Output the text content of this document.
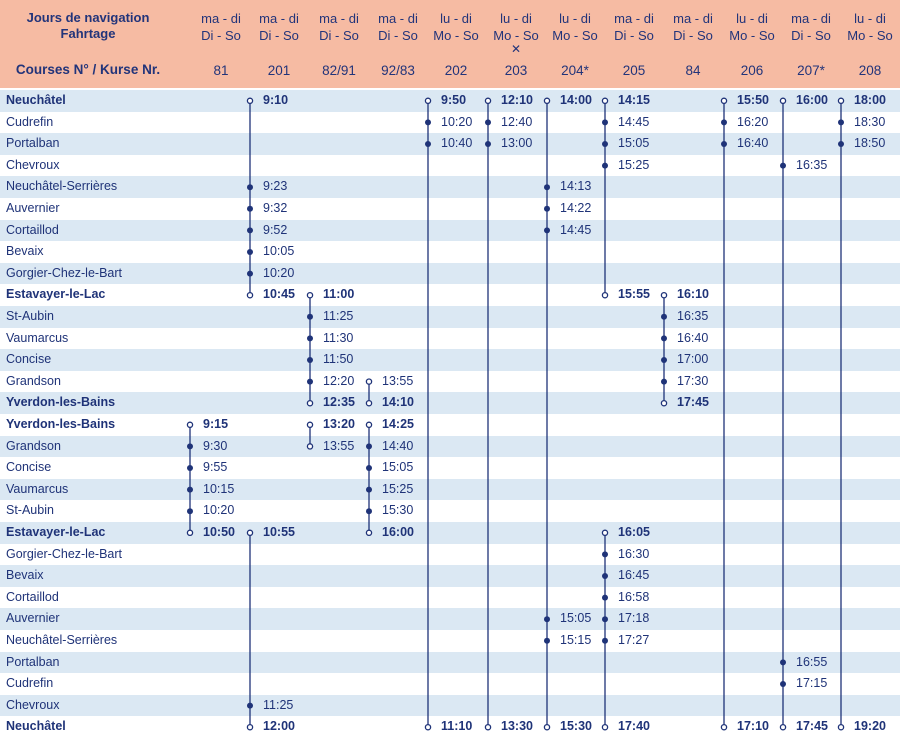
Jours de navigation Fahrtage
Courses N° / Kurse Nr.
ma - di
Di - So
81
ma - di
Di - So
201
ma - di
Di - So
82/91
ma - di
Di - So
92/83
lu - di
Mo - So
202
lu - di
Mo - So
✕
203
lu - di
Mo - So
204*
ma - di
Di - So
205
ma - di
Di - So
84
lu - di
Mo - So
206
ma - di
Di - So
207*
lu - di
Mo - So
208
Neuchâtel
Cudrefin
Portalban
Chevroux
Neuchâtel-Serrières
Auvernier
Cortaillod
Bevaix
Gorgier-Chez-le-Bart
Estavayer-le-Lac
St-Aubin
Vaumarcus
Concise
Grandson
Yverdon-les-Bains
Yverdon-les-Bains
Grandson
Concise
Vaumarcus
St-Aubin
Estavayer-le-Lac
Gorgier-Chez-le-Bart
Bevaix
Cortaillod
Auvernier
Neuchâtel-Serrières
Portalban
Cudrefin
Chevroux
Neuchâtel
9:15
9:30
9:55
10:15
10:20
10:50
9:10
9:23
9:32
9:52
10:05
10:20
10:45
10:55
11:25
12:00
11:00
11:25
11:30
11:50
12:20
12:35
13:20
13:55
13:55
14:10
14:25
14:40
15:05
15:25
15:30
16:00
9:50
10:20
10:40
11:10
12:10
12:40
13:00
13:30
14:00
14:13
14:22
14:45
15:05
15:15
15:30
14:15
14:45
15:05
15:25
15:55
16:05
16:30
16:45
16:58
17:18
17:27
17:40
16:10
16:35
16:40
17:00
17:30
17:45
15:50
16:20
16:40
17:10
16:00
16:35
16:55
17:15
17:45
18:00
18:30
18:50
19:20
